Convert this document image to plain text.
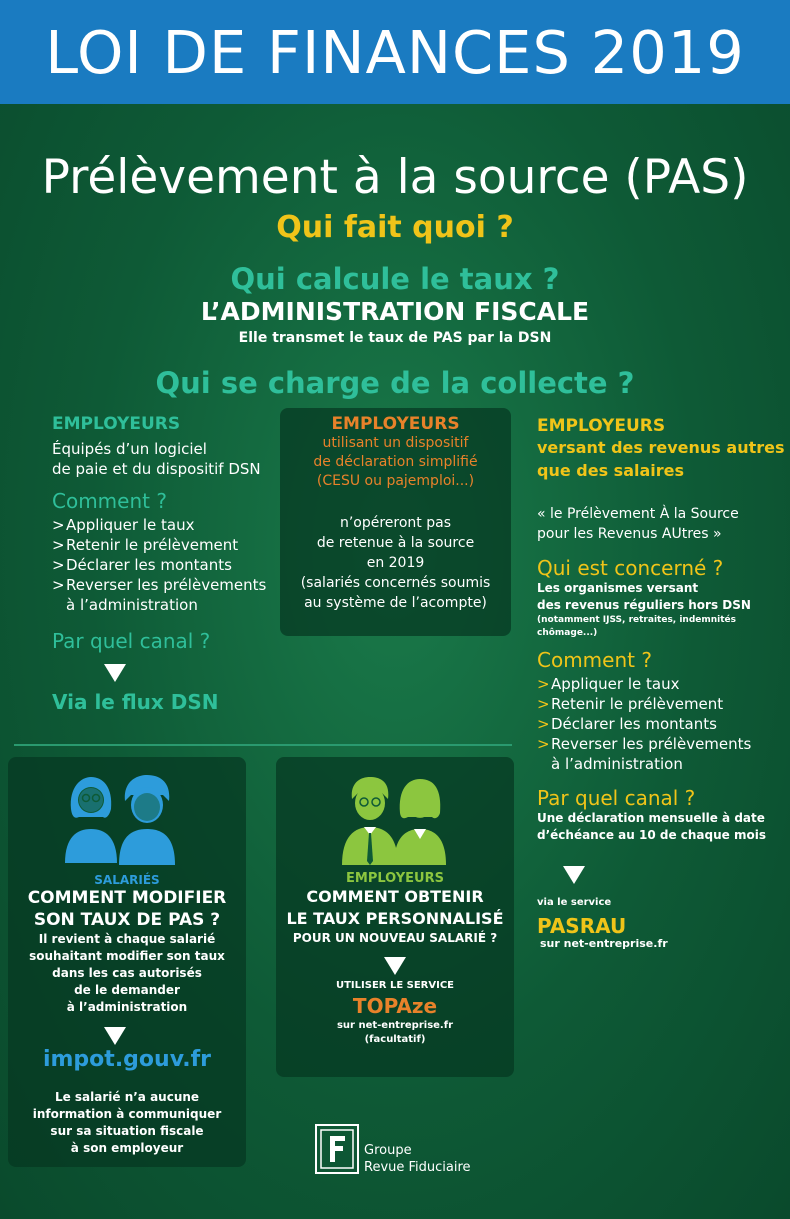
LOI DE FINANCES 2019
Prélèvement à la source (PAS)
Qui fait quoi ?
Qui calcule le taux ?
L’ADMINISTRATION FISCALE
Elle transmet le taux de PAS par la DSN
Qui se charge de la collecte ?
EMPLOYEURS
Équipés d’un logiciel
de paie et du dispositif DSN
Comment ?
> Appliquer le taux
> Retenir le prélèvement
> Déclarer les montants
> Reverser les prélèvements
à l’administration
Par quel canal ?
Via le flux DSN
EMPLOYEURS
utilisant un dispositif
de déclaration simplifié
(CESU ou pajemploi...)
n’opéreront pas
de retenue à la source
en 2019
(salariés concernés soumis
au système de l’acompte)
EMPLOYEURS
versant des revenus autres
que des salaires
« le Prélèvement À la Source
pour les Revenus AUtres »
Qui est concerné ?
Les organismes versant
des revenus réguliers hors DSN
(notamment IJSS, retraites, indemnités
chômage...)
Comment ?
> Appliquer le taux
> Retenir le prélèvement
> Déclarer les montants
> Reverser les prélèvements
à l’administration
Par quel canal ?
Une déclaration mensuelle à date
d’échéance au 10 de chaque mois
via le service
PASRAU
sur net-entreprise.fr
SALARIÉS
COMMENT MODIFIER
SON TAUX DE PAS ?
Il revient à chaque salarié
souhaitant modifier son taux
dans les cas autorisés
de le demander
à l’administration
impot.gouv.fr
Le salarié n’a aucune
information à communiquer
sur sa situation fiscale
à son employeur
EMPLOYEURS
COMMENT OBTENIR
LE TAUX PERSONNALISÉ
POUR UN NOUVEAU SALARIÉ ?
UTILISER LE SERVICE
TOPAze
sur net-entreprise.fr
(facultatif)
Groupe
Revue Fiduciaire
